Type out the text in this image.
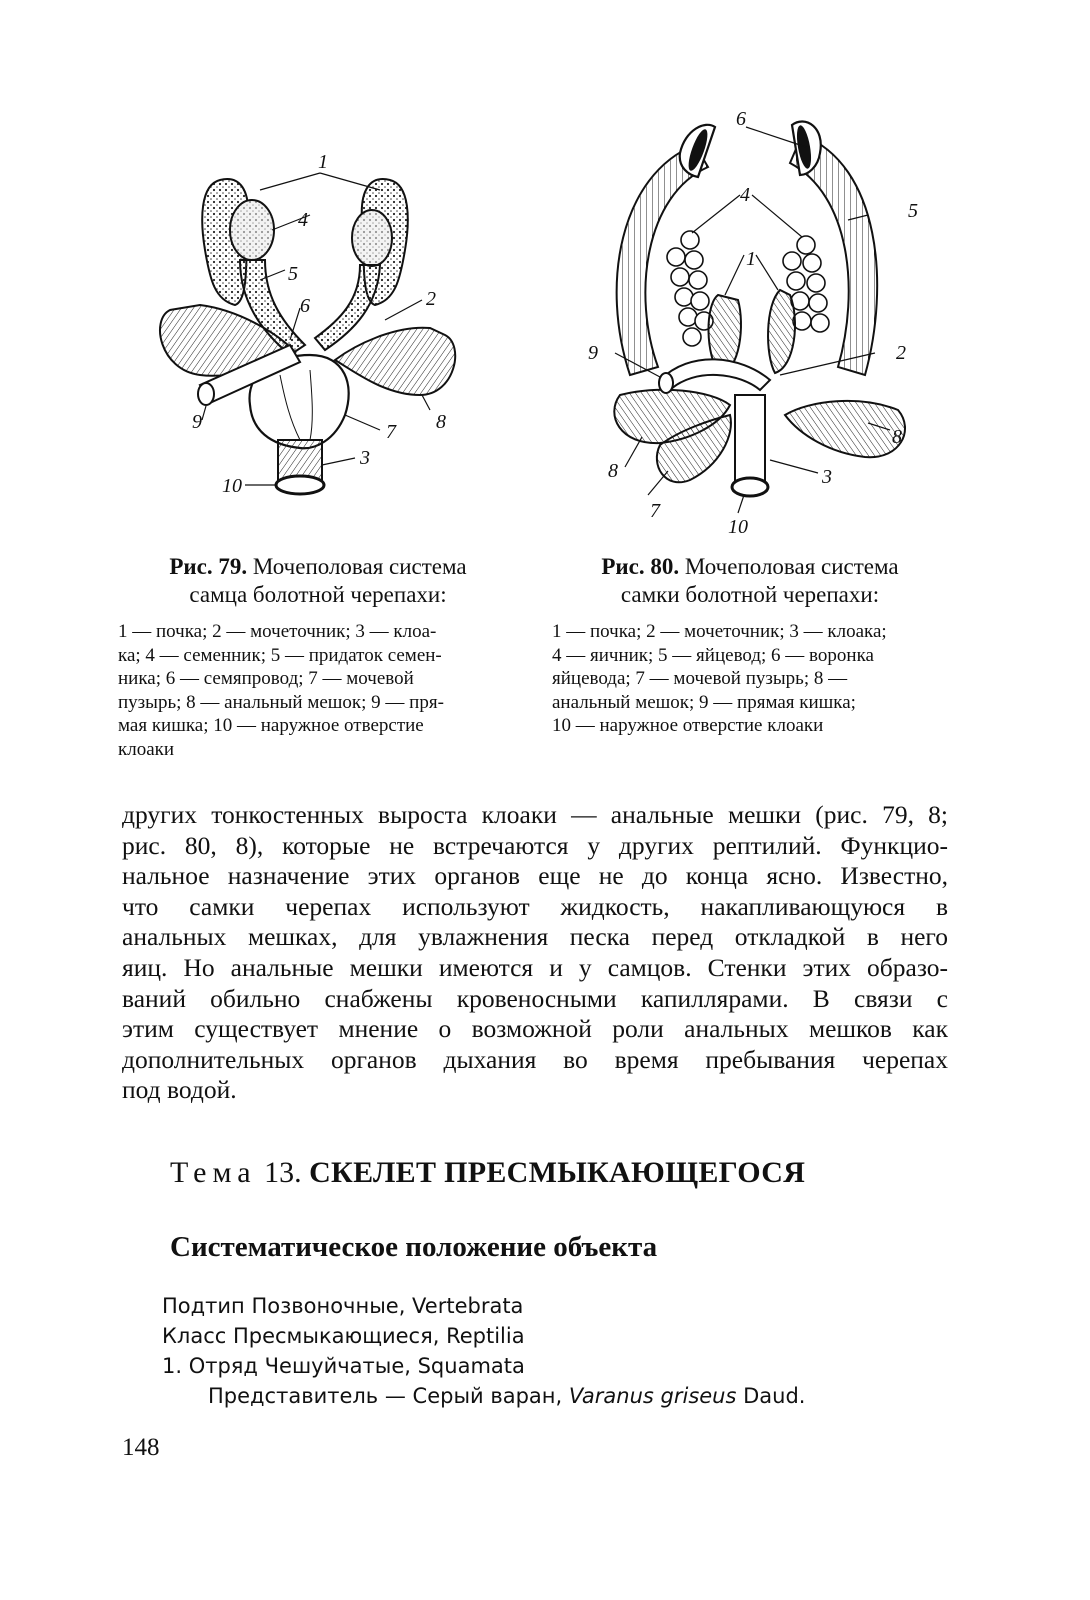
1
4
5
6	2
9	7 8
3
10
6
5
4
1
2
9
8
8	3
7
10
Рис. 79. Мочеполовая система
самца болотной черепахи:
1 — почка; 2 — мочеточник; 3 — клоа-
ка; 4 — семенник; 5 — придаток семен-
ника; 6 — семяпровод; 7 — мочевой
пузырь; 8 — анальный мешок; 9 — пря-
мая кишка; 10 — наружное отверстие
клоаки
Рис. 80. Мочеполовая система
самки болотной черепахи:
1 — почка; 2 — мочеточник; 3 — клоака;
4 — яичник; 5 — яйцевод; 6 — воронка
яйцевода; 7 — мочевой пузырь; 8 —
анальный мешок; 9 — прямая кишка;
10 — наружное отверстие клоаки
других тонкостенных выроста клоаки — анальные мешки (рис. 79, 8;
рис. 80, 8), которые не встречаются у других рептилий. Функцио-
нальное назначение этих органов еще не до конца ясно. Известно,
что самки черепах используют жидкость, накапливающуюся в
анальных мешках, для увлажнения песка перед откладкой в него
яиц. Но анальные мешки имеются и у самцов. Стенки этих образо-
ваний обильно снабжены кровеносными капиллярами. В связи с
этим существует мнение о возможной роли анальных мешков как
дополнительных органов дыхания во время пребывания черепах
под водой.
Тема 13. СКЕЛЕТ ПРЕСМЫКАЮЩЕГОСЯ
Систематическое положение объекта
Подтип Позвоночные, Vertebrata
Класс Пресмыкающиеся, Reptilia
1. Отряд Чешуйчатые, Squamata
Представитель — Серый варан, Varanus griseus Daud.
148
